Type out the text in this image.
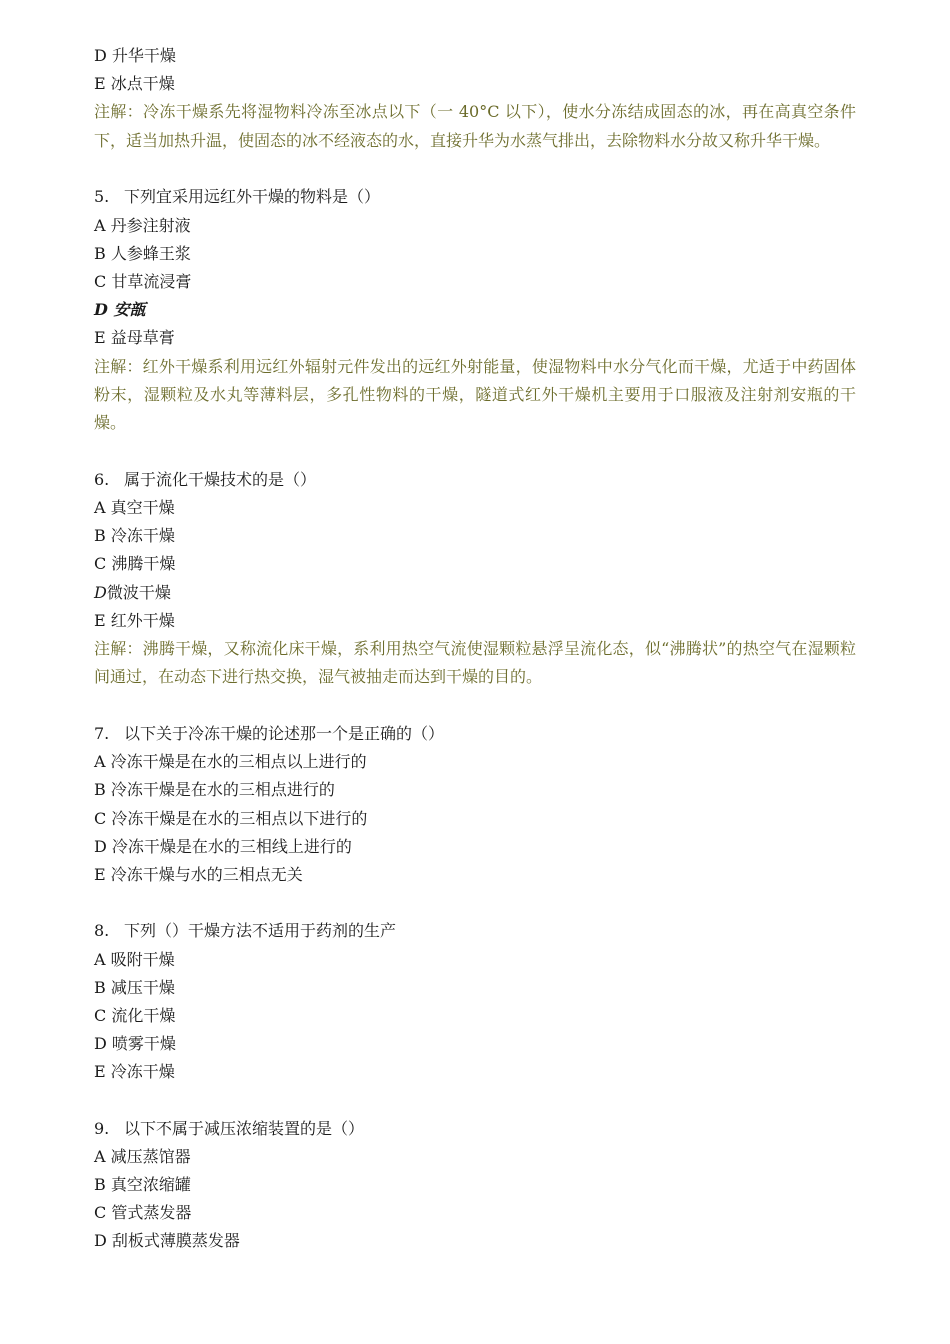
D 升华干燥
E 冰点干燥
注解：冷冻干燥系先将湿物料冷冻至冰点以下（一 40°C 以下），使水分冻结成固态的冰，再在高真空条件下，适当加热升温，使固态的冰不经液态的水，直接升华为水蒸气排出，去除物料水分故又称升华干燥。
5. 下列宜采用远红外干燥的物料是（）
A 丹参注射液
B 人参蜂王浆
C 甘草流浸膏
D 安瓿
E 益母草膏
注解：红外干燥系利用远红外辐射元件发出的远红外射能量，使湿物料中水分气化而干燥，尤适于中药固体粉末，湿颗粒及水丸等薄料层，多孔性物料的干燥，隧道式红外干燥机主要用于口服液及注射剂安瓶的干燥。
6. 属于流化干燥技术的是（）
A 真空干燥
B 冷冻干燥
C 沸腾干燥
D微波干燥
E 红外干燥
注解：沸腾干燥，又称流化床干燥，系利用热空气流使湿颗粒悬浮呈流化态，似“沸腾状”的热空气在湿颗粒间通过，在动态下进行热交换，湿气被抽走而达到干燥的目的。
7. 以下关于冷冻干燥的论述那一个是正确的（）
A 冷冻干燥是在水的三相点以上进行的
B 冷冻干燥是在水的三相点进行的
C 冷冻干燥是在水的三相点以下进行的
D 冷冻干燥是在水的三相线上进行的
E 冷冻干燥与水的三相点无关
8. 下列（）干燥方法不适用于药剂的生产
A 吸附干燥
B 减压干燥
C 流化干燥
D 喷雾干燥
E 冷冻干燥
9. 以下不属于减压浓缩装置的是（）
A 减压蒸馆器
B 真空浓缩罐
C 管式蒸发器
D 刮板式薄膜蒸发器
